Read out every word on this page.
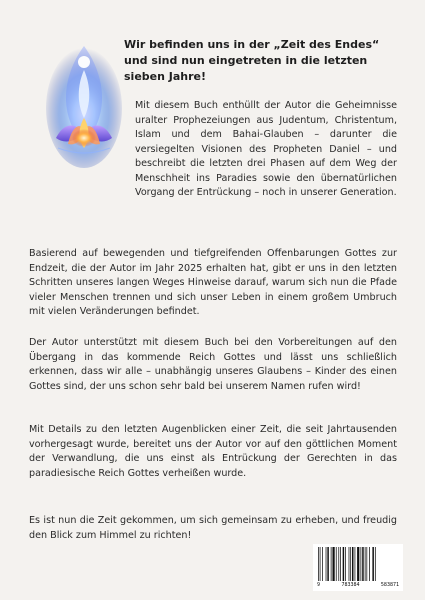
Wir befinden uns in der „Zeit des Endes“ und sind nun eingetreten in die letzten sieben Jahre!
Mit diesem Buch enthüllt der Autor die Geheimnisse uralter Prophezeiungen aus Judentum, Christentum, Islam und dem Bahai-Glauben – darunter die versiegelten Visionen des Propheten Daniel – und beschreibt die letzten drei Phasen auf dem Weg der Menschheit ins Paradies sowie den übernatürlichen Vorgang der Entrückung – noch in unserer Generation.
Basierend auf bewegenden und tiefgreifenden Offenbarungen Gottes zur Endzeit, die der Autor im Jahr 2025 erhalten hat, gibt er uns in den letzten Schritten unseres langen Weges Hinweise darauf, warum sich nun die Pfade vieler Menschen trennen und sich unser Leben in einem großem Umbruch mit vielen Veränderungen befindet.
Der Autor unterstützt mit diesem Buch bei den Vorbereitungen auf den Übergang in das kommende Reich Gottes und lässt uns schließlich erkennen, dass wir alle – unabhängig unseres Glaubens – Kinder des einen Gottes sind, der uns schon sehr bald bei unserem Namen rufen wird!
Mit Details zu den letzten Augenblicken einer Zeit, die seit Jahrtausenden vorhergesagt wurde, bereitet uns der Autor vor auf den göttlichen Moment der Verwandlung, die uns einst als Entrückung der Gerechten in das paradiesische Reich Gottes verheißen wurde.
Es ist nun die Zeit gekommen, um sich gemeinsam zu erheben, und freudig den Blick zum Himmel zu richten!
9	783384	583871
